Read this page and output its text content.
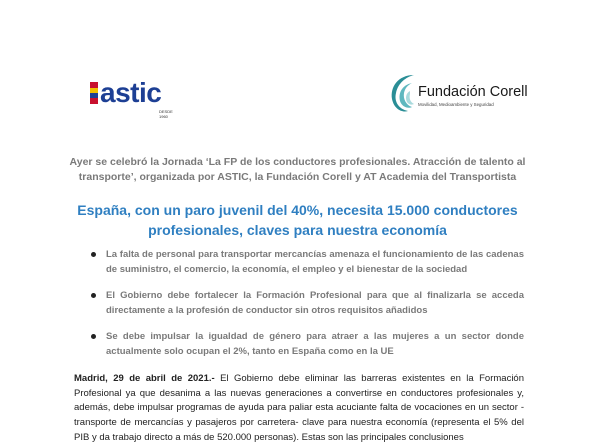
astic
DESDE 1960
Fundación Corell
Movilidad, Medioambiente y Seguridad

Ayer se celebró la Jornada ‘La FP de los conductores profesionales. Atracción de talento al transporte’, organizada por ASTIC, la Fundación Corell y AT Academia del Transportista

España, con un paro juvenil del 40%, necesita 15.000 conductores profesionales, claves para nuestra economía
La falta de personal para transportar mercancías amenaza el funcionamiento de las cadenas de suministro, el comercio, la economía, el empleo y el bienestar de la sociedad
El Gobierno debe fortalecer la Formación Profesional para que al finalizarla se acceda directamente a la profesión de conductor sin otros requisitos añadidos
Se debe impulsar la igualdad de género para atraer a las mujeres a un sector donde actualmente solo ocupan el 2%, tanto en España como en la UE

Madrid, 29 de abril de 2021.- El Gobierno debe eliminar las barreras existentes en la Formación Profesional ya que desanima a las nuevas generaciones a convertirse en conductores profesionales y, además, debe impulsar programas de ayuda para paliar esta acuciante falta de vocaciones en un sector - transporte de mercancías y pasajeros por carretera- clave para nuestra economía (representa el 5% del PIB y da trabajo directo a más de 520.000 personas). Estas son las principales conclusiones
